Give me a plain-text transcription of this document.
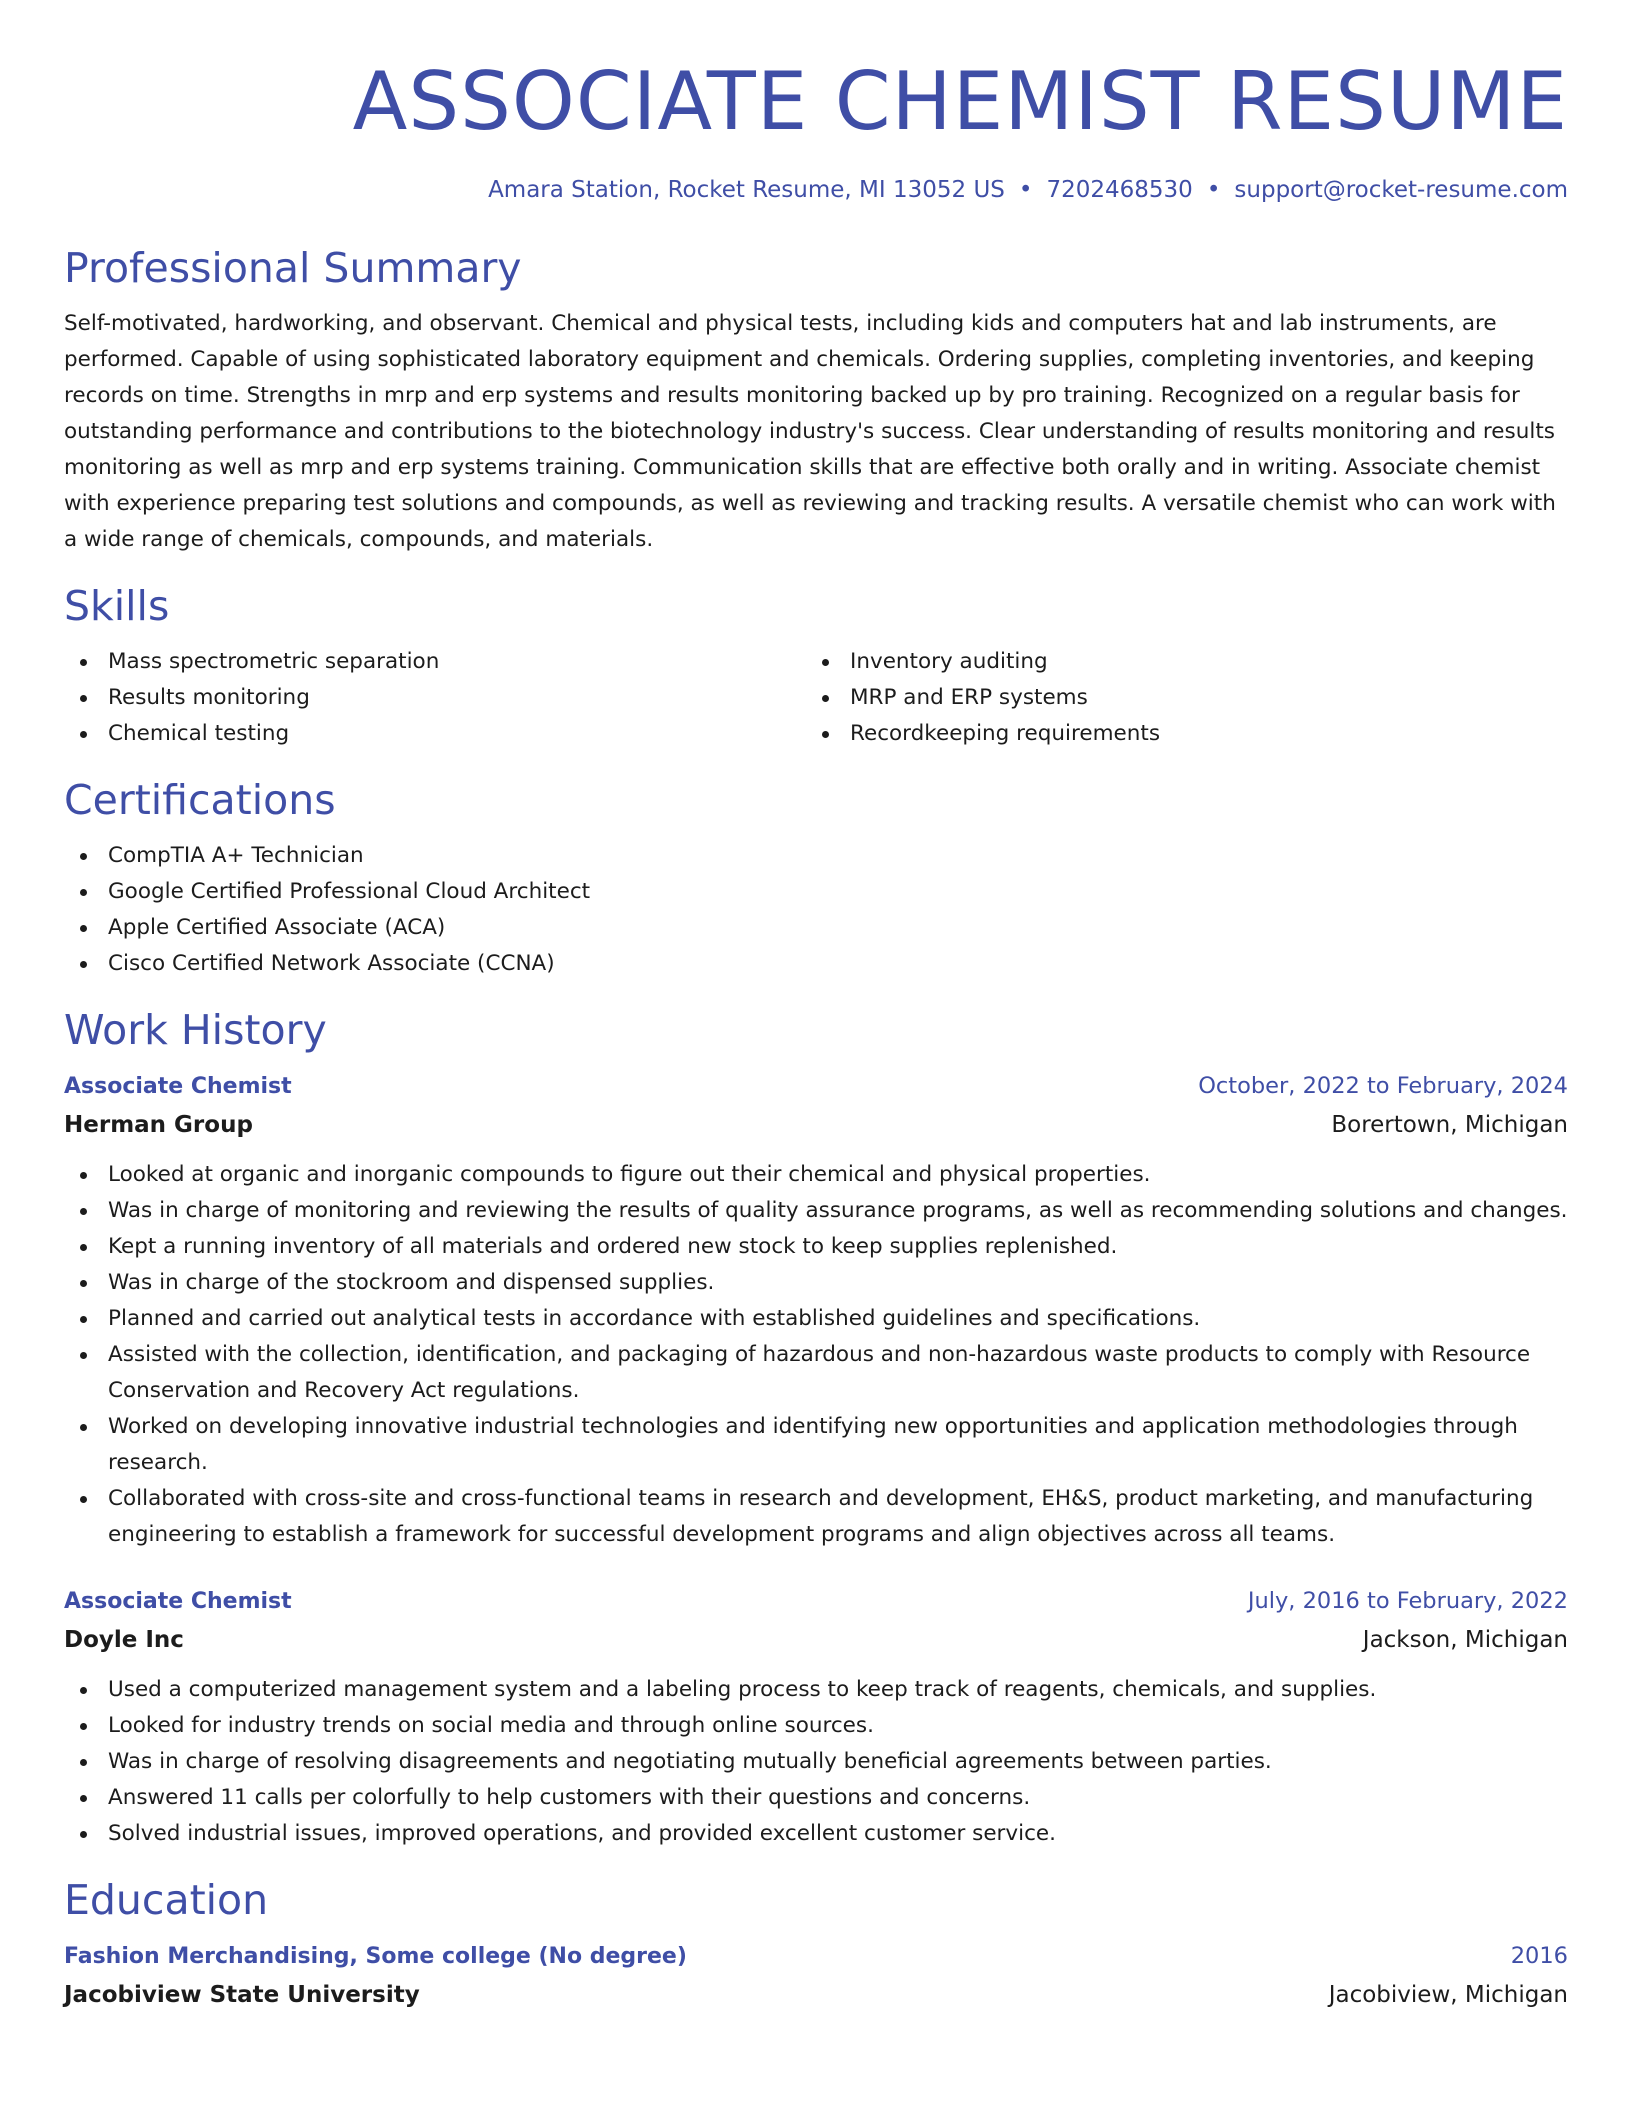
ASSOCIATE CHEMIST RESUME
Amara Station, Rocket Resume, MI 13052 US • 7202468530 • support@rocket-resume.com
Professional Summary
Self-motivated, hardworking, and observant. Chemical and physical tests, including kids and computers hat and lab instruments, are performed. Capable of using sophisticated laboratory equipment and chemicals. Ordering supplies, completing inventories, and keeping records on time. Strengths in mrp and erp systems and results monitoring backed up by pro training. Recognized on a regular basis for outstanding performance and contributions to the biotechnology industry's success. Clear understanding of results monitoring and results monitoring as well as mrp and erp systems training. Communication skills that are effective both orally and in writing. Associate chemist with experience preparing test solutions and compounds, as well as reviewing and tracking results. A versatile chemist who can work with a wide range of chemicals, compounds, and materials.
Skills
Mass spectrometric separation
Results monitoring
Chemical testing
Inventory auditing
MRP and ERP systems
Recordkeeping requirements
Certifications
CompTIA A+ Technician
Google Certified Professional Cloud Architect
Apple Certified Associate (ACA)
Cisco Certified Network Associate (CCNA)
Work History
Associate Chemist	October, 2022 to February, 2024
Herman Group	Borertown, Michigan
Looked at organic and inorganic compounds to figure out their chemical and physical properties.
Was in charge of monitoring and reviewing the results of quality assurance programs, as well as recommending solutions and changes.
Kept a running inventory of all materials and ordered new stock to keep supplies replenished.
Was in charge of the stockroom and dispensed supplies.
Planned and carried out analytical tests in accordance with established guidelines and specifications.
Assisted with the collection, identification, and packaging of hazardous and non-hazardous waste products to comply with Resource Conservation and Recovery Act regulations.
Worked on developing innovative industrial technologies and identifying new opportunities and application methodologies through research.
Collaborated with cross-site and cross-functional teams in research and development, EH&S, product marketing, and manufacturing engineering to establish a framework for successful development programs and align objectives across all teams.
Associate Chemist	July, 2016 to February, 2022
Doyle Inc	Jackson, Michigan
Used a computerized management system and a labeling process to keep track of reagents, chemicals, and supplies.
Looked for industry trends on social media and through online sources.
Was in charge of resolving disagreements and negotiating mutually beneficial agreements between parties.
Answered 11 calls per colorfully to help customers with their questions and concerns.
Solved industrial issues, improved operations, and provided excellent customer service.
Education
Fashion Merchandising, Some college (No degree)	2016
Jacobiview State University	Jacobiview, Michigan
